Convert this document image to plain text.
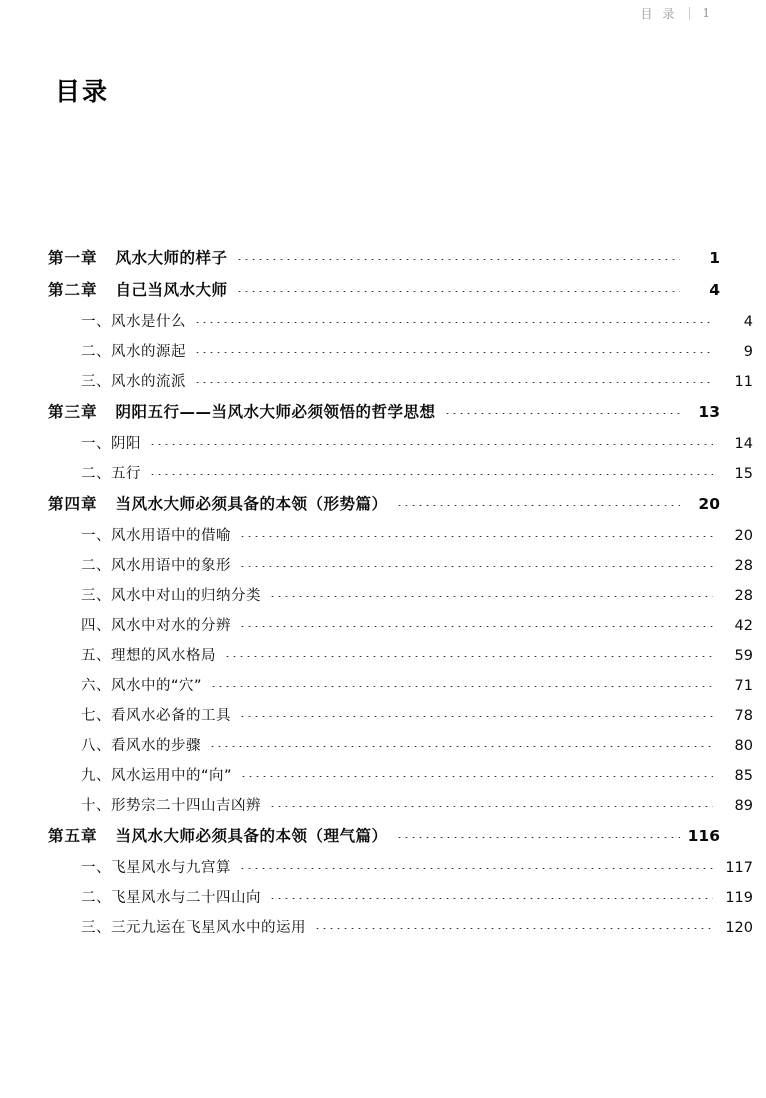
目 录 1
目录
第一章 风水大师的样子	1
第二章 自己当风水大师	4
一、风水是什么	4
二、风水的源起	9
三、风水的流派	11
第三章 阴阳五行——当风水大师必须领悟的哲学思想	13
一、阴阳	14
二、五行	15
第四章 当风水大师必须具备的本领（形势篇）	20
一、风水用语中的借喻	20
二、风水用语中的象形	28
三、风水中对山的归纳分类	28
四、风水中对水的分辨	42
五、理想的风水格局	59
六、风水中的“穴”	71
七、看风水必备的工具	78
八、看风水的步骤	80
九、风水运用中的“向”	85
十、形势宗二十四山吉凶辨	89
第五章 当风水大师必须具备的本领（理气篇）	116
一、飞星风水与九宫算	117
二、飞星风水与二十四山向	119
三、三元九运在飞星风水中的运用	120
